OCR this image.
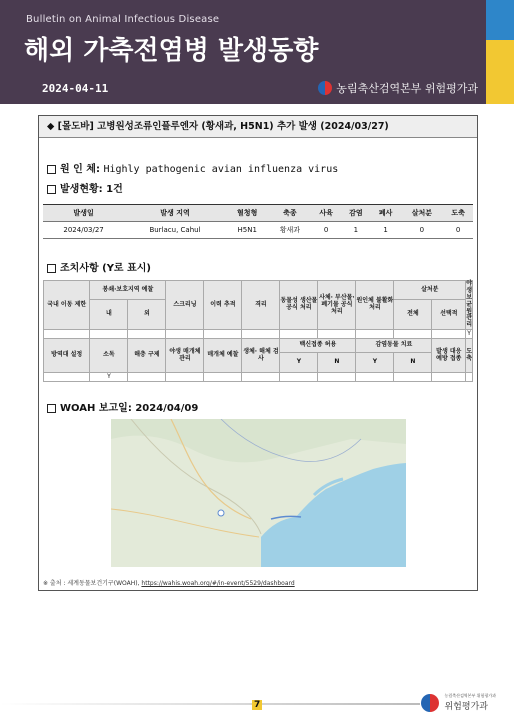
Bulletin on Animal Infectious Disease
해외 가축전염병 발생동향
2024-04-11	농림축산검역본부 위험평가과
◆ [몰도바] 고병원성조류인플루엔자 (황새과, H5N1) 추가 발생 (2024/03/27)
원 인 체: Highly pathogenic avian influenza virus
발생현황: 1건
발생일	발생 지역	혈청형	축종	사육	감염	폐사	살처분	도축
2024/03/27	Burlacu, Cahul	H5N1	황새과	0	1	1	0	0
조치사항 (Y로 표시)
국내 이동 제한	봉쇄·보호지역 예찰		스크리닝	이력 추적	격리	동물성 생산물 공식 처리	사체· 부산물· 폐기물 공식 처리	원인체 불활화 처리	살처분		야생 보균원 관리
	내	외							전체	선택적	
											Y
방역대 설정	소독	해충 구제	야생 매개체 관리	매개체 예찰	생체· 해체 검사	백신접종 허용		감염동물 치료		발생 대응 예방 접종	도축
						Y	N	Y	N		
	Y										
WOAH 보고일: 2024/04/09
※ 출처 : 세계동물보건기구(WOAH), https://wahis.woah.org/#/in-event/5529/dashboard
7
농림축산검역본부 위험평가과
위험평가과
